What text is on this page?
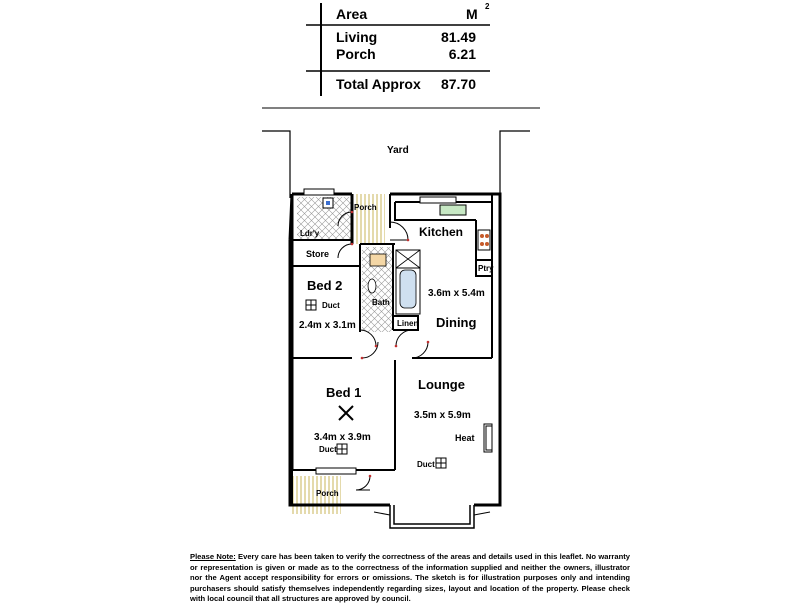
Area	M 2
Living	81.49
Porch	6.21
Total Approx	87.70
Yard
Porch
Ldr'y
Store
Kitchen
Ptry
Bed 2
Duct
2.4m x 3.1m
Bath
Linen
3.6m x 5.4m
Dining
Bed 1
3.4m x 3.9m
Duct
Lounge
3.5m x 5.9m
Heat
Duct
Porch
Please Note: Every care has been taken to verify the correctness of the areas and details used in this leaflet. No warranty or representation is given or made as to the correctness of the information supplied and neither the owners, illustrator nor the Agent accept responsibility for errors or omissions. The sketch is for illustration purposes only and intending purchasers should satisfy themselves independently regarding sizes, layout and location of the property. Please check with local council that all structures are approved by council.
